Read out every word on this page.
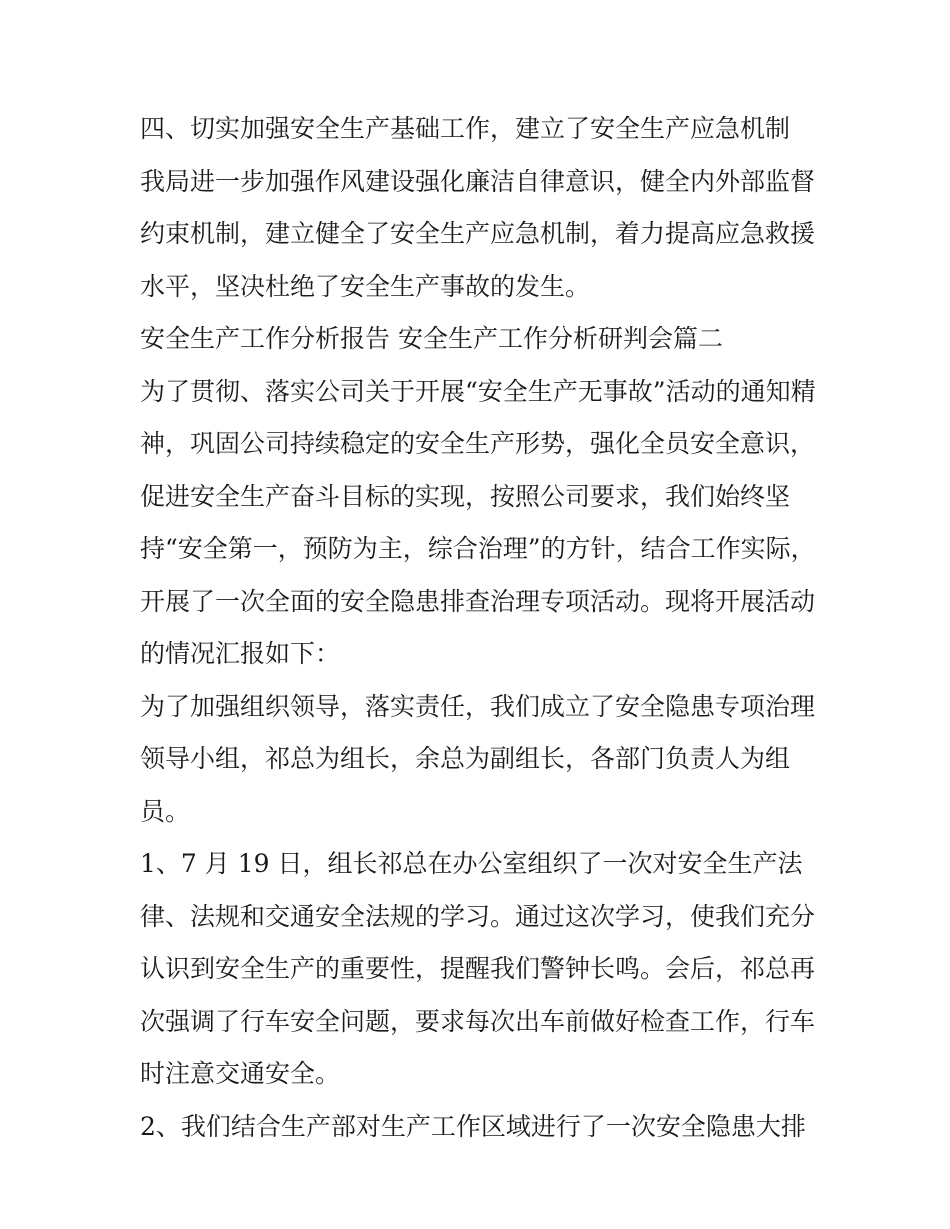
四、切实加强安全生产基础工作，建立了安全生产应急机制
我局进一步加强作风建设强化廉洁自律意识，健全内外部监督
约束机制，建立健全了安全生产应急机制，着力提高应急救援
水平，坚决杜绝了安全生产事故的发生。
安全生产工作分析报告 安全生产工作分析研判会篇二
为了贯彻、落实公司关于开展“安全生产无事故”活动的通知精
神，巩固公司持续稳定的安全生产形势，强化全员安全意识，
促进安全生产奋斗目标的实现，按照公司要求，我们始终坚
持“安全第一，预防为主，综合治理”的方针，结合工作实际，
开展了一次全面的安全隐患排查治理专项活动。现将开展活动
的情况汇报如下：
为了加强组织领导，落实责任，我们成立了安全隐患专项治理
领导小组，祁总为组长，余总为副组长，各部门负责人为组
员。
1、7 月 19 日，组长祁总在办公室组织了一次对安全生产法
律、法规和交通安全法规的学习。通过这次学习，使我们充分
认识到安全生产的重要性，提醒我们警钟长鸣。会后，祁总再
次强调了行车安全问题，要求每次出车前做好检查工作，行车
时注意交通安全。
2、我们结合生产部对生产工作区域进行了一次安全隐患大排
